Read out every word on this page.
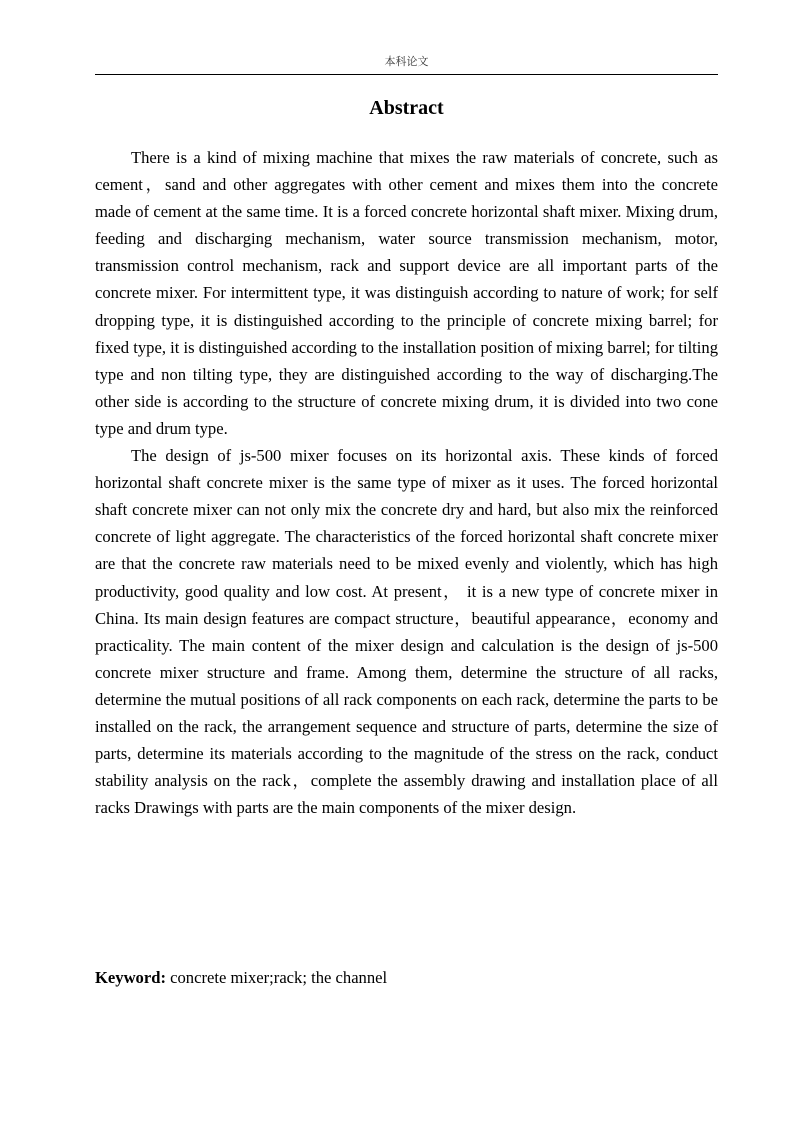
本科论文
Abstract

There is a kind of mixing machine that mixes the raw materials of concrete, such as cement，sand and other aggregates with other cement and mixes them into the concrete made of cement at the same time. It is a forced concrete horizontal shaft mixer. Mixing drum, feeding and discharging mechanism, water source transmission mechanism, motor, transmission control mechanism, rack and support device are all important parts of the concrete mixer. For intermittent type, it was distinguish according to nature of work; for self dropping type, it is distinguished according to the principle of concrete mixing barrel; for fixed type, it is distinguished according to the installation position of mixing barrel; for tilting type and non tilting type, they are distinguished according to the way of discharging.The other side is according to the structure of concrete mixing drum, it is divided into two cone type and drum type.

The design of js-500 mixer focuses on its horizontal axis. These kinds of forced horizontal shaft concrete mixer is the same type of mixer as it uses. The forced horizontal shaft concrete mixer can not only mix the concrete dry and hard, but also mix the reinforced concrete of light aggregate. The characteristics of the forced horizontal shaft concrete mixer are that the concrete raw materials need to be mixed evenly and violently, which has high productivity, good quality and low cost. At present， it is a new type of concrete mixer in China. Its main design features are compact structure，beautiful appearance，economy and practicality. The main content of the mixer design and calculation is the design of js-500 concrete mixer structure and frame. Among them, determine the structure of all racks, determine the mutual positions of all rack components on each rack, determine the parts to be installed on the rack, the arrangement sequence and structure of parts, determine the size of parts, determine its materials according to the magnitude of the stress on the rack, conduct stability analysis on the rack，complete the assembly drawing and installation place of all racks Drawings with parts are the main components of the mixer design.

Keyword: concrete mixer;rack; the channel
